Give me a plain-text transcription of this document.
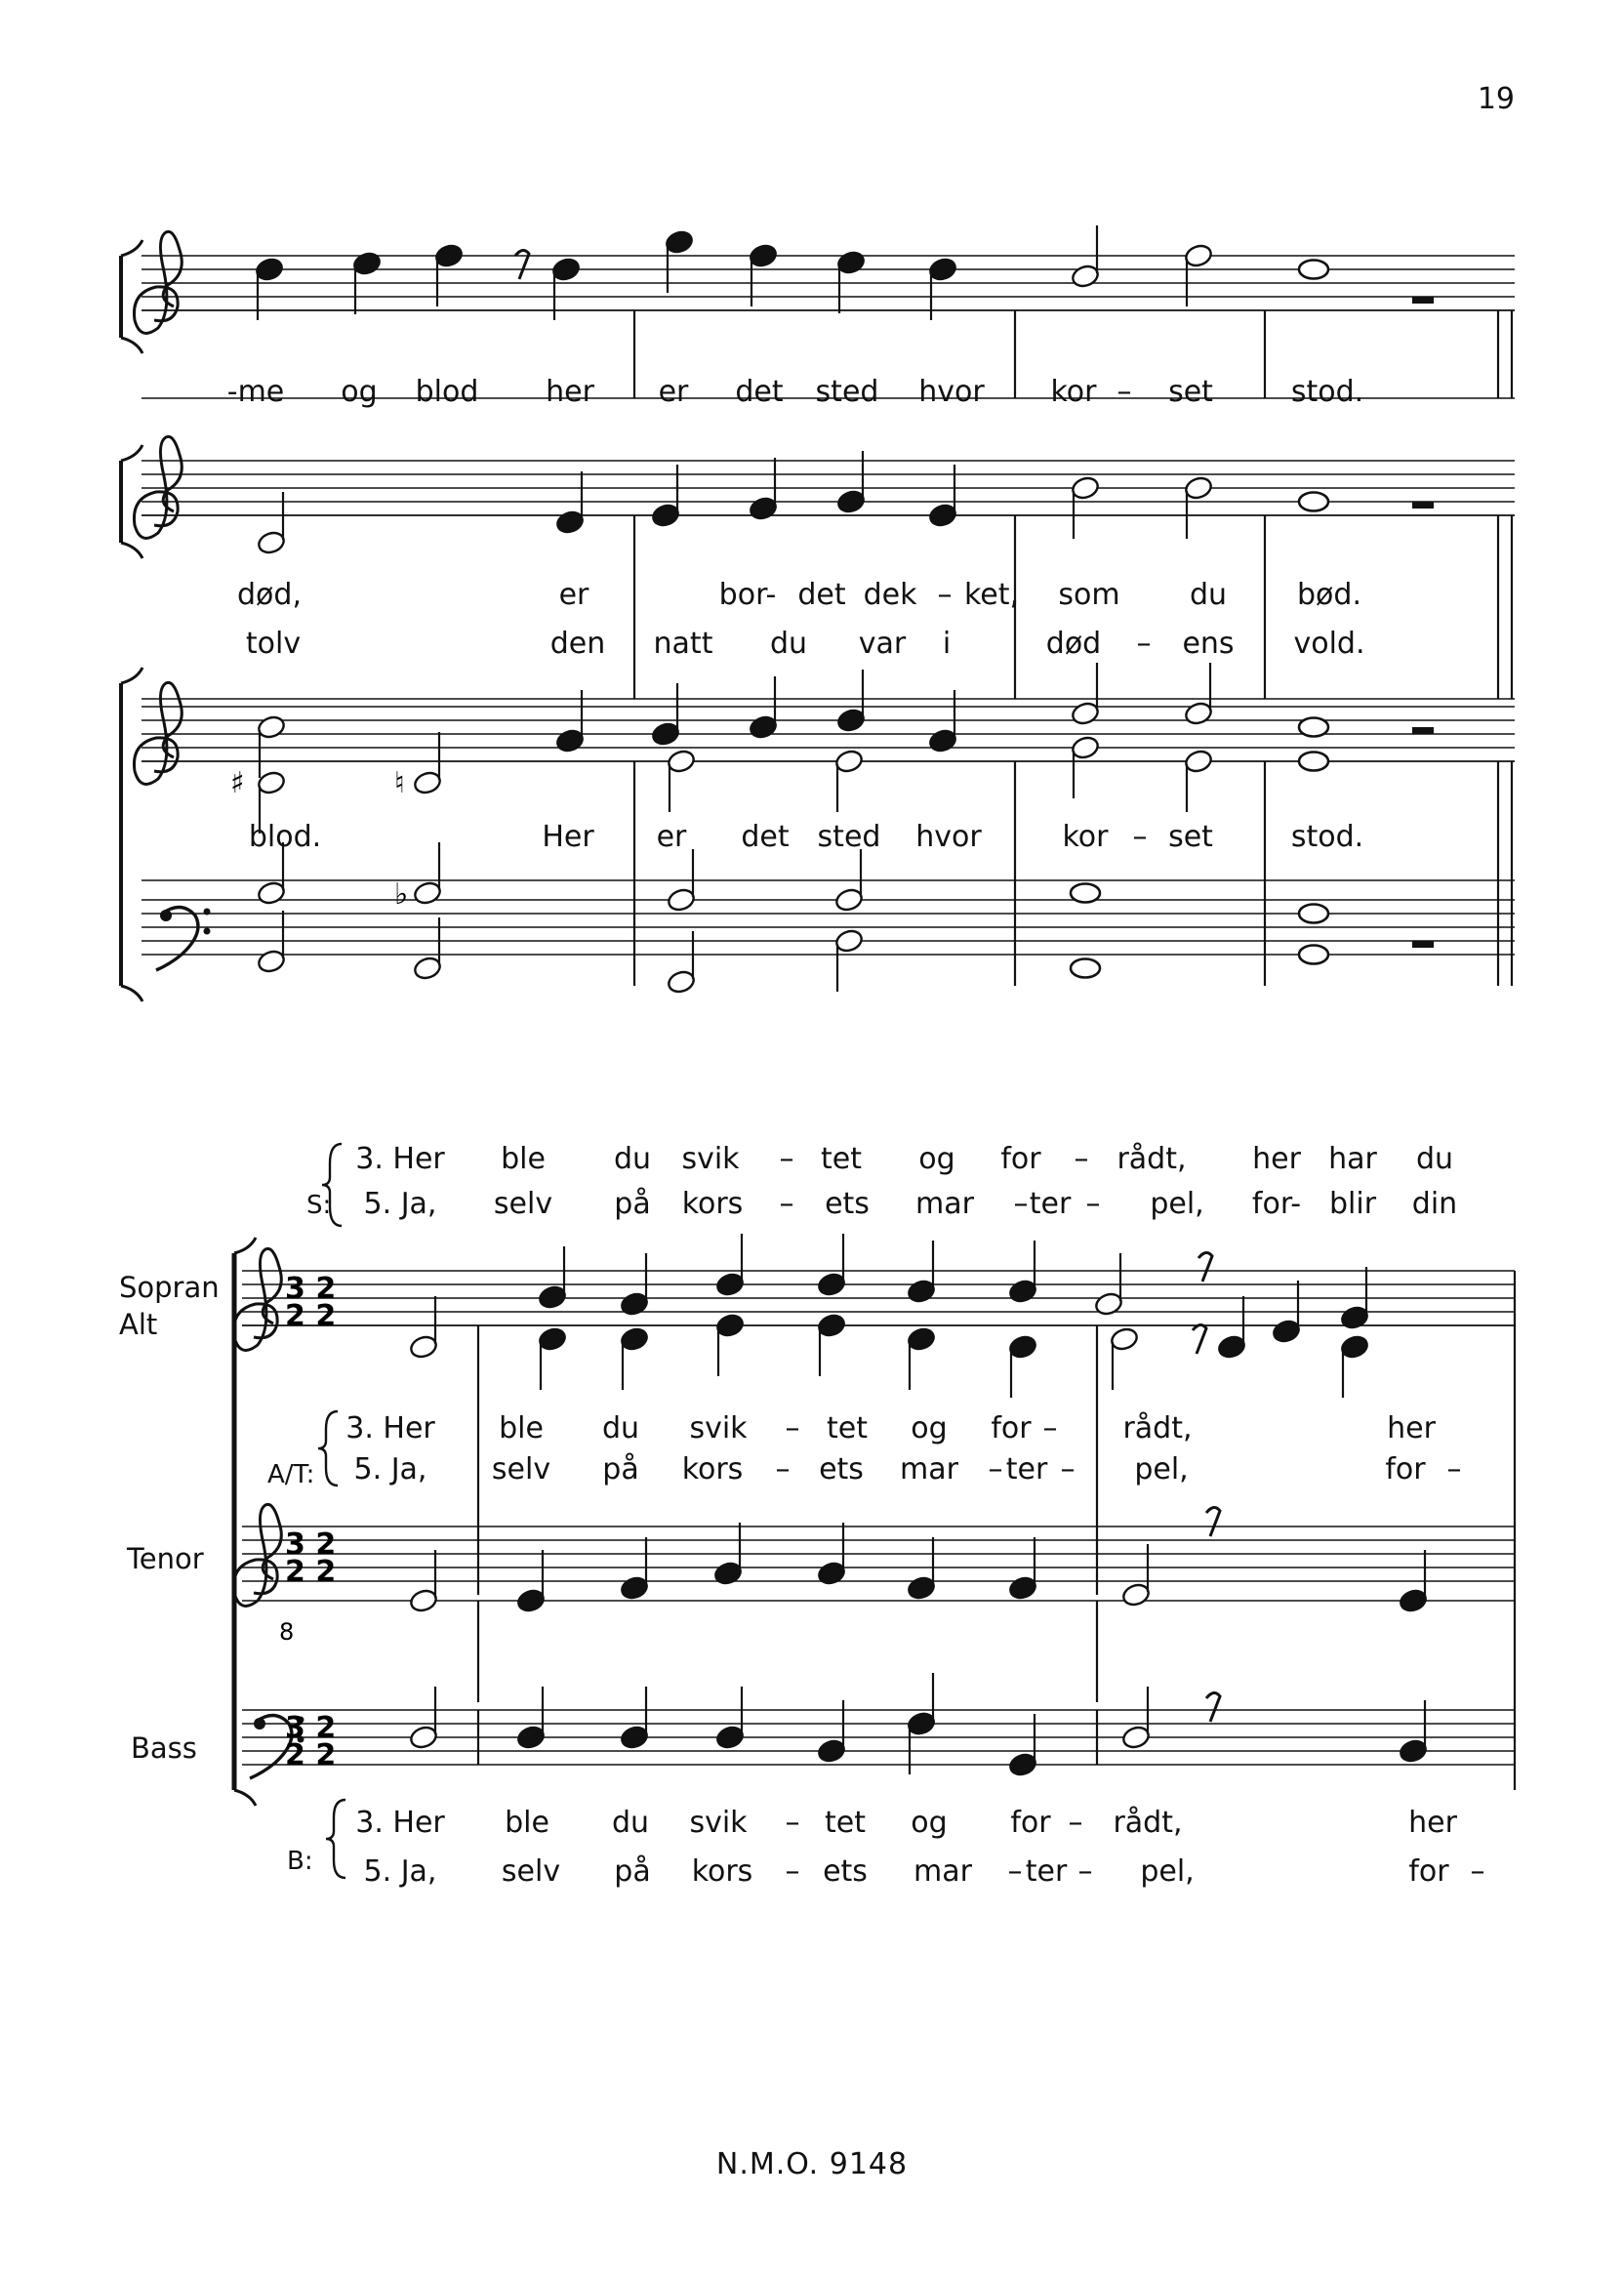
19
♯	♮
♭
3 2
2 2
3 2
2 2
8
3 2
2 2
-me og blod her er det sted hvor kor – set	stod.
død,	er	bor- det dek – ket, som du bød.
tolv	den natt du var i	død – ens vold.
blod.	Her er det sted hvor	kor – set	stod.
S:
3. Her ble du svik – tet og for – rådt, her har du
5. Ja, selv på kors – ets mar – ter – pel, for- blir din
Sopran
Alt
Tenor
Bass
A/T:
3. Her ble du svik – tet og for – rådt,	her
5. Ja, selv på kors – ets mar – ter – pel,	for –
B:
3. Her ble du svik – tet og for – rådt,	her
5. Ja, selv på kors – ets mar – ter – pel,	for –
N.M.O. 9148
